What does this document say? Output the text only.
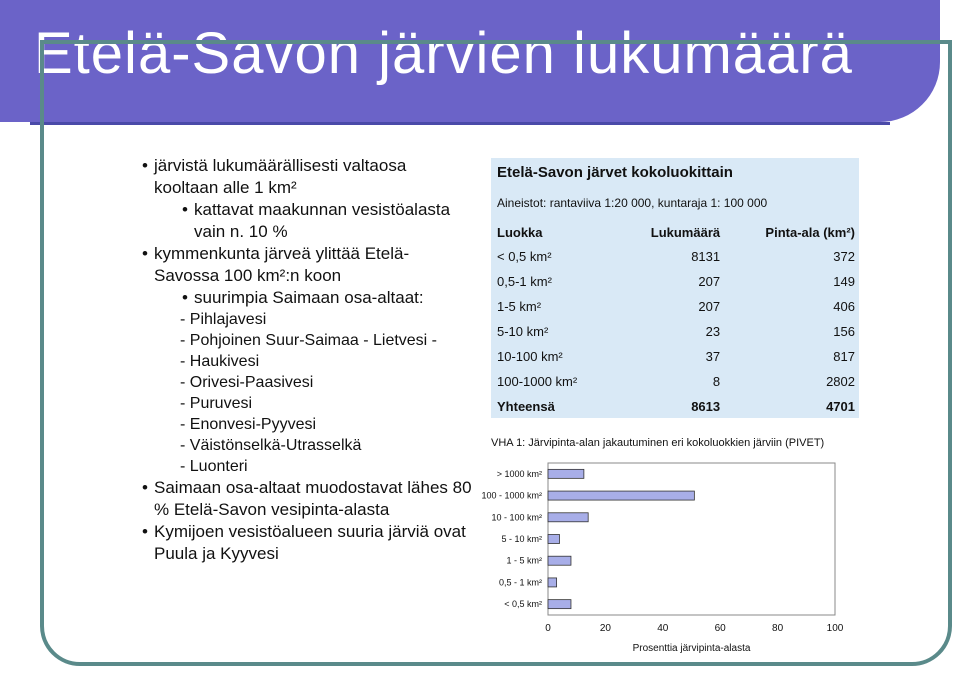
Etelä-Savon järvien lukumäärä

• järvistä lukumäärällisesti valtaosa kooltaan alle 1 km²

• kattavat maakunnan vesistöalasta vain n. 10 %

• kymmenkunta järveä ylittää Etelä-Savossa 100 km²:n koon

• suurimpia Saimaan osa-altaat:

- Pihlajavesi

- Pohjoinen Suur-Saimaa - Lietvesi -

- Haukivesi

- Orivesi-Paasivesi

- Puruvesi

- Enonvesi-Pyyvesi

- Väistönselkä-Utrasselkä

- Luonteri

• Saimaan osa-altaat muodostavat lähes 80 % Etelä-Savon vesipinta-alasta

• Kymijoen vesistöalueen suuria järviä ovat Puula ja Kyyvesi

Etelä-Savon järvet kokoluokittain
Aineistot: rantaviiva 1:20 000, kuntaraja 1: 100 000
Luokka	Lukumäärä	Pinta-ala (km²)
< 0,5 km²	8131	372
0,5-1 km²	207	149
1-5 km²	207	406
5-10 km²	23	156
10-100 km²	37	817
100-1000 km²	8	2802
Yhteensä	8613	4701
VHA 1: Järvipinta-alan jakautuminen eri kokoluokkien järviin (PIVET)
> 1000 km²
100 - 1000 km²
10 - 100 km²
5 - 10 km²
1 - 5 km²
0,5 - 1 km²
< 0,5 km²
0	20	40	60	80	100
Prosenttia järvipinta-alasta
